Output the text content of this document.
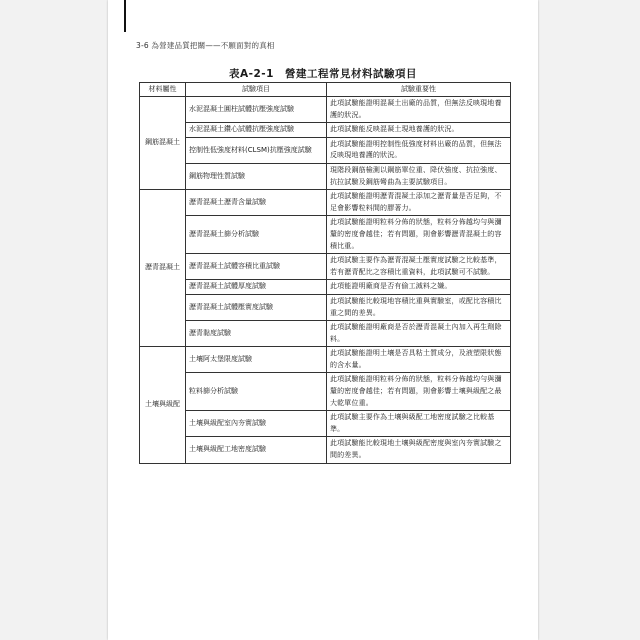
3-6 為營建品質把關——不願面對的真相
表A-2-1　營建工程常見材料試驗項目
材料屬性	試驗項目	試驗重要性
鋼筋混凝土	水泥混凝土圓柱試體抗壓強度試驗	此項試驗能證明混凝土出廠的品質，但無法反映現地養護的狀況。
	水泥混凝土鑽心試體抗壓強度試驗	此項試驗能反映混凝土現地養護的狀況。
	控制性低強度材料(CLSM)抗壓強度試驗	此項試驗能證明控制性低強度材料出廠的品質，但無法反映現地養護的狀況。
	鋼筋物理性質試驗	現階段鋼筋檢測以鋼筋單位重、降伏強度、抗拉強度、抗拉試驗及鋼筋彎曲為主要試驗項目。
瀝青混凝土	瀝青混凝土瀝青含量試驗	此項試驗能證明瀝青混凝土添加之瀝青量是否足夠，不足會影響粒料間的膠著力。
	瀝青混凝土篩分析試驗	此項試驗能證明粒料分佈的狀態，粒料分佈越均勻與瀰釐的密度會越佳；若有問題，則會影響瀝青混凝土的容積比重。
	瀝青混凝土試體容積比重試驗	此項試驗主要作為瀝青混凝土壓實度試驗之比較基準，若有瀝青配比之容積比重資料，此項試驗可不試驗。
	瀝青混凝土試體厚度試驗	此項能證明廠商是否有偷工減料之嫌。
	瀝青混凝土試體壓實度試驗	此項試驗能比較現地容積比重與實驗室，或配比容積比重之間的差異。
	瀝青黏度試驗	此項試驗能證明廠商是否於瀝青混凝土內加入再生劑除料。
土壤與級配	土壤阿太堡限度試驗	此項試驗能證明土壤是否具粘土質成分，及液塑限狀態的含水量。
	粒料篩分析試驗	此項試驗能證明粒料分佈的狀態，粒料分佈越均勻與瀰釐的密度會越佳；若有問題，則會影響土壤與級配之最大乾單位重。
	土壤與級配室內夯實試驗	此項試驗主要作為土壤與級配工地密度試驗之比較基準。
	土壤與級配工地密度試驗	此項試驗能比較現地土壤與級配密度與室內夯實試驗之間的差異。
